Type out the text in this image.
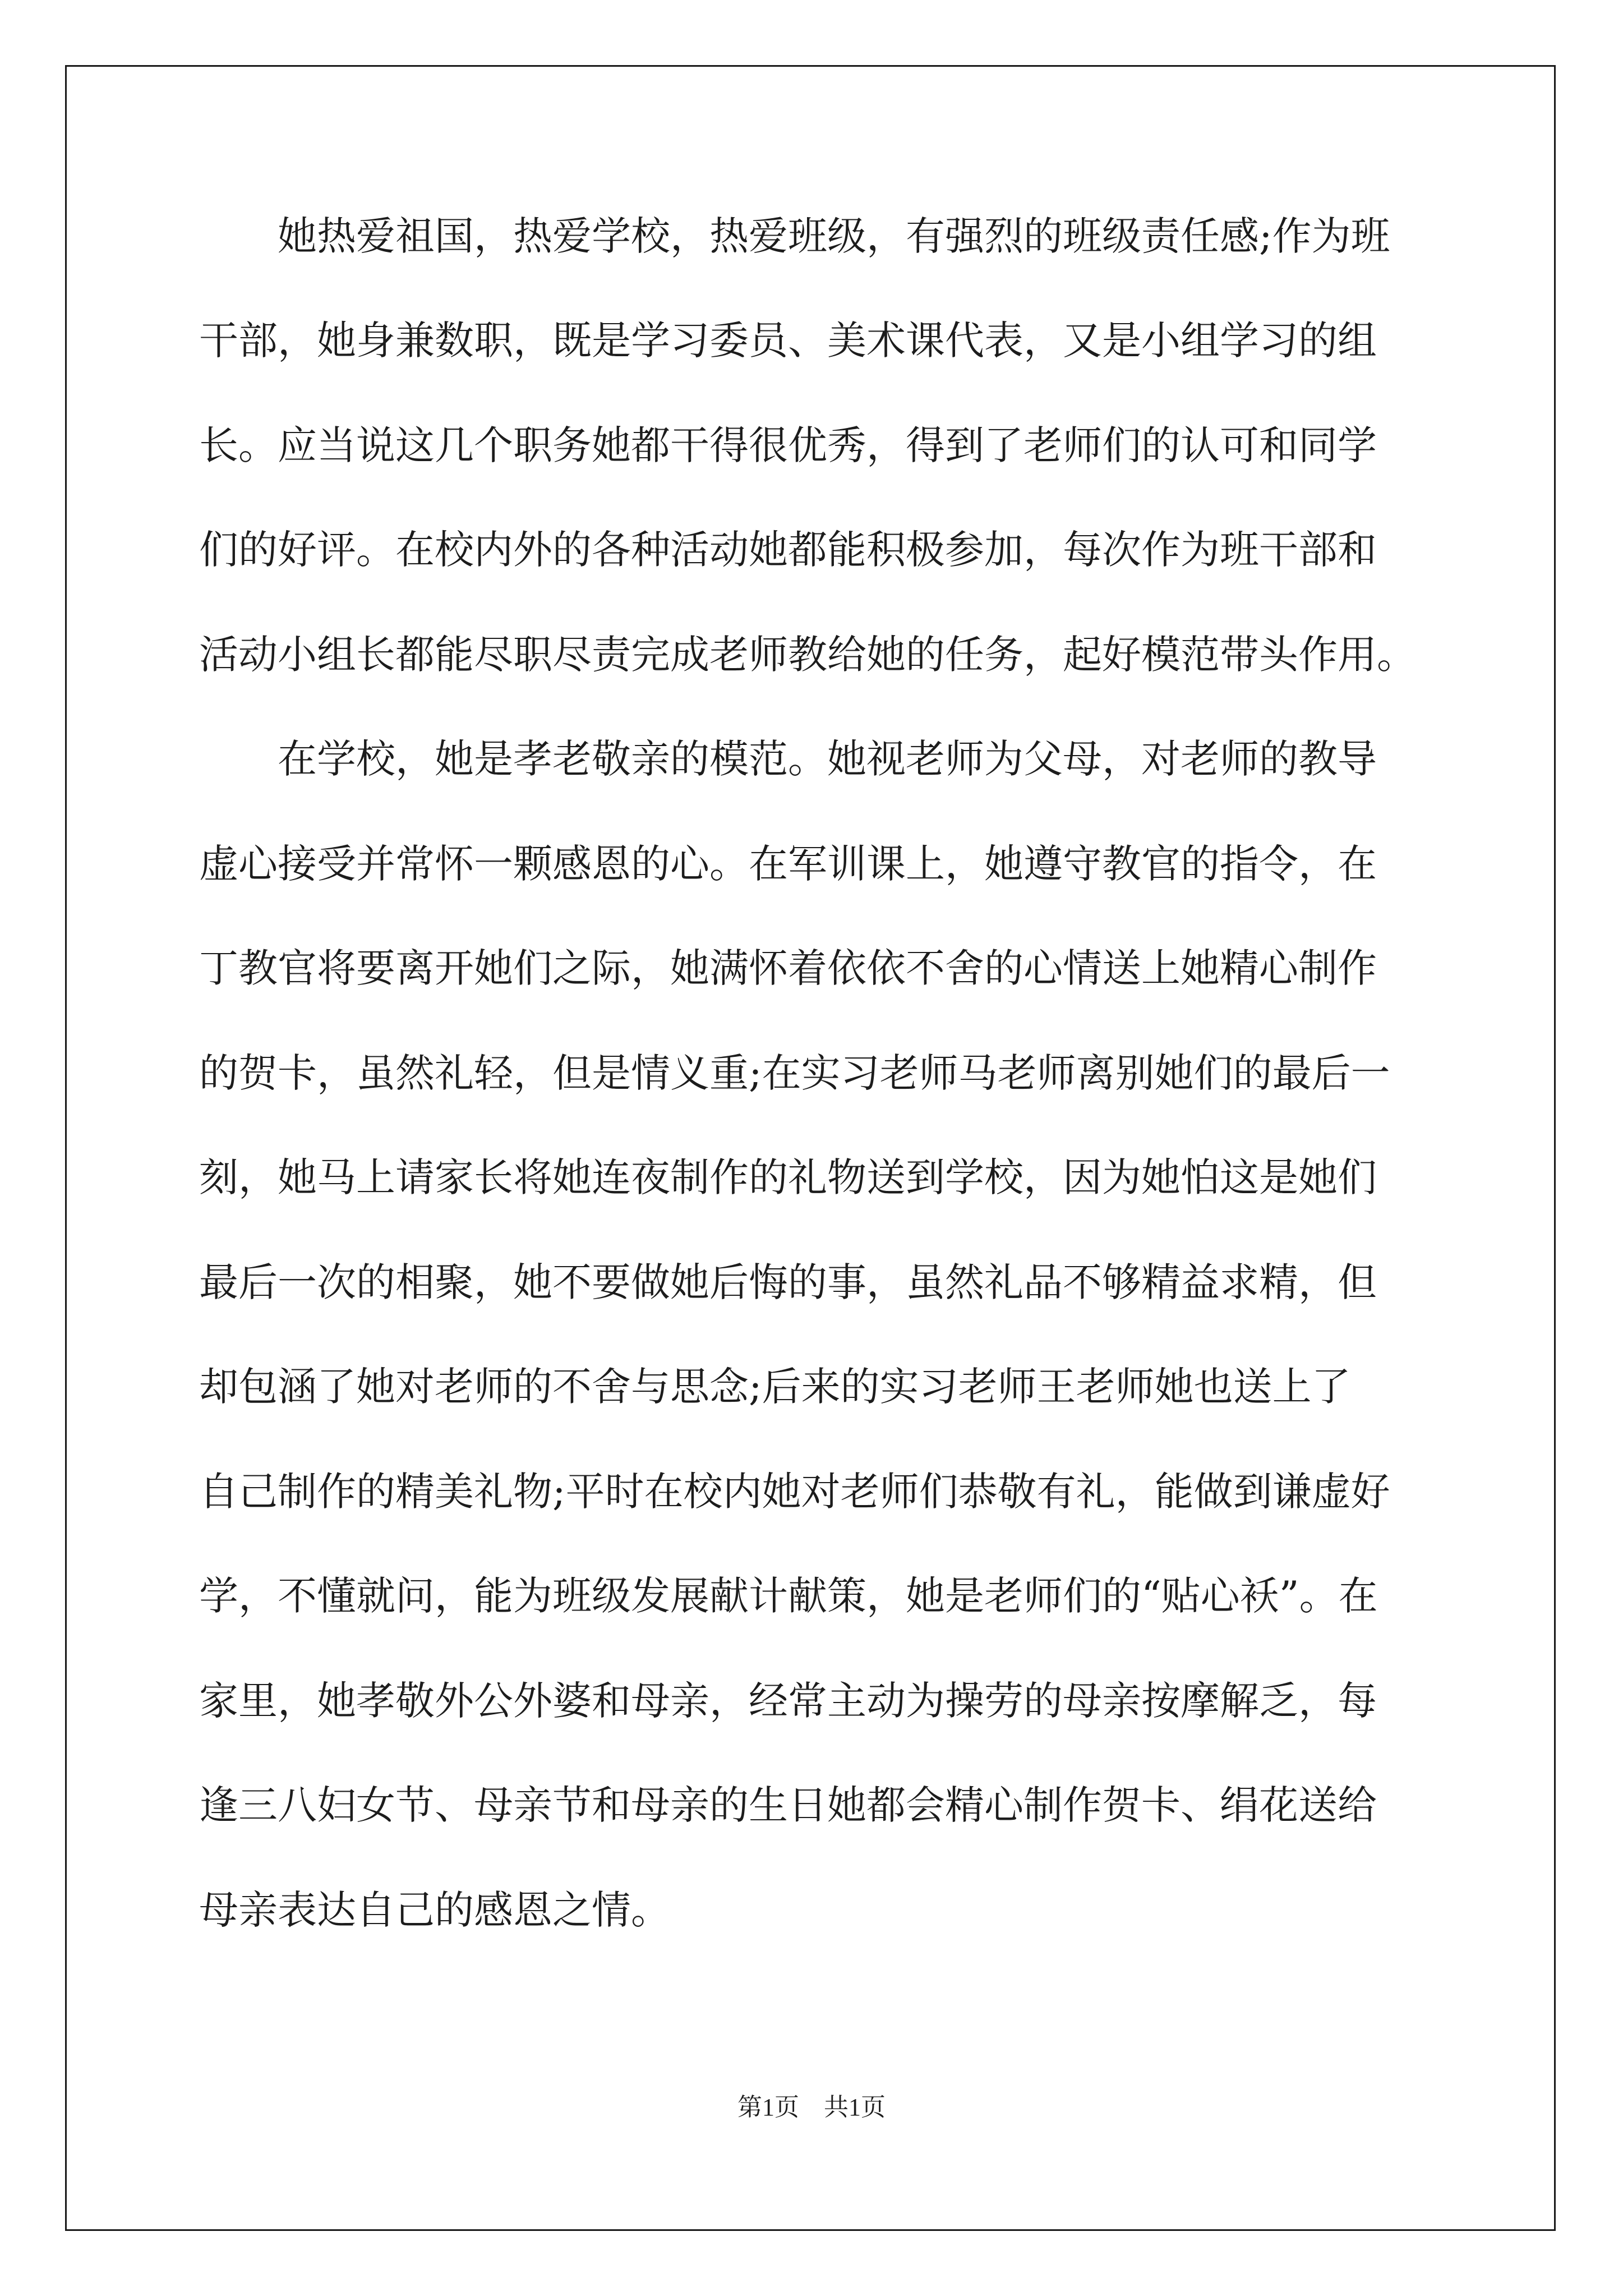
　　她热爱祖国，热爱学校，热爱班级，有强烈的班级责任感;作为班
干部，她身兼数职，既是学习委员、美术课代表，又是小组学习的组
长。应当说这几个职务她都干得很优秀，得到了老师们的认可和同学
们的好评。在校内外的各种活动她都能积极参加，每次作为班干部和
活动小组长都能尽职尽责完成老师教给她的任务，起好模范带头作用。
　　在学校，她是孝老敬亲的模范。她视老师为父母，对老师的教导
虚心接受并常怀一颗感恩的心。在军训课上，她遵守教官的指令，在
丁教官将要离开她们之际，她满怀着依依不舍的心情送上她精心制作
的贺卡，虽然礼轻，但是情义重;在实习老师马老师离别她们的最后一
刻，她马上请家长将她连夜制作的礼物送到学校，因为她怕这是她们
最后一次的相聚，她不要做她后悔的事，虽然礼品不够精益求精，但
却包涵了她对老师的不舍与思念;后来的实习老师王老师她也送上了
自己制作的精美礼物;平时在校内她对老师们恭敬有礼，能做到谦虚好
学，不懂就问，能为班级发展献计献策，她是老师们的“贴心袄”。在
家里，她孝敬外公外婆和母亲，经常主动为操劳的母亲按摩解乏，每
逢三八妇女节、母亲节和母亲的生日她都会精心制作贺卡、绢花送给
母亲表达自己的感恩之情。
第1页　共1页
